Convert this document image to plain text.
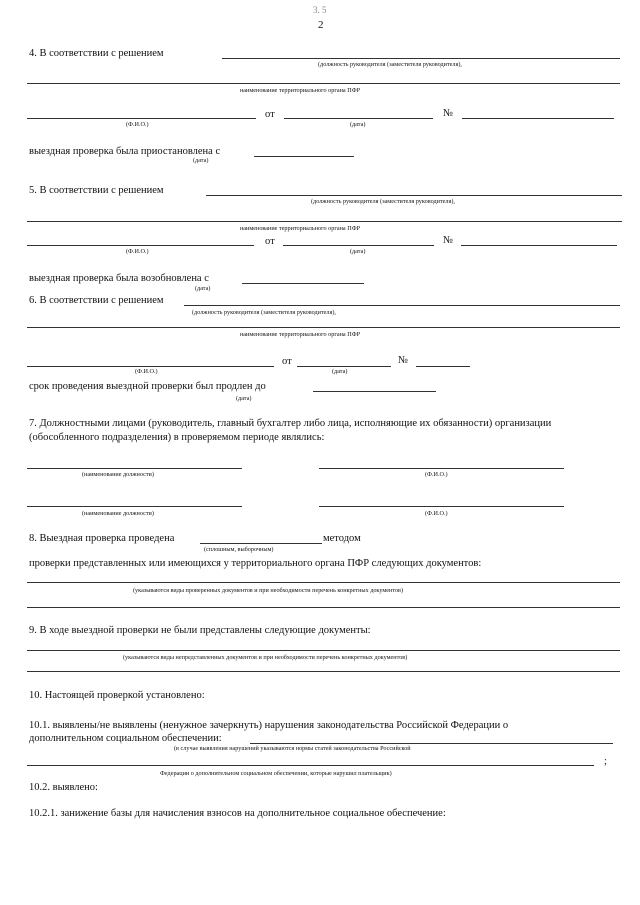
3. 5
2
4. В соответствии с решением
(должность руководителя (заместителя руководителя),
наименование территориального органа ПФР
от	№
(Ф.И.О.)	(дата)
выездная проверка была приостановлена с
(дата)
5. В соответствии с решением
(должность руководителя (заместителя руководителя),
наименование территориального органа ПФР
от	№
(Ф.И.О.)	(дата)
выездная проверка была возобновлена с
(дата)
6. В соответствии с решением
(должность руководителя (заместителя руководителя),
наименование территориального органа ПФР
от	№
(Ф.И.О.)	(дата)
срок проведения выездной проверки был продлен до
(дата)
7. Должностными лицами (руководитель, главный бухгалтер либо лица, исполняющие их обязанности) организации
(обособленного подразделения) в проверяемом периоде являлись:
(наименование должности)	(Ф.И.О.)
(наименование должности)	(Ф.И.О.)
8. Выездная проверка проведена	методом
(сплошным, выборочным)
проверки представленных или имеющихся у территориального органа ПФР следующих документов:
(указываются виды проверенных документов и при необходимости перечень конкретных документов)
9. В ходе выездной проверки не были представлены следующие документы:
(указываются виды непредставленных документов и при необходимости перечень конкретных документов)
10. Настоящей проверкой установлено:
10.1. выявлены/не выявлены (ненужное зачеркнуть) нарушения законодательства Российской Федерации о
дополнительном социальном обеспечении:
(в случае выявления нарушений указываются нормы статей законодательства Российской
;
Федерации о дополнительном социальном обеспечении, которые нарушил плательщик)
10.2. выявлено:
10.2.1. занижение базы для начисления взносов на дополнительное социальное обеспечение:
